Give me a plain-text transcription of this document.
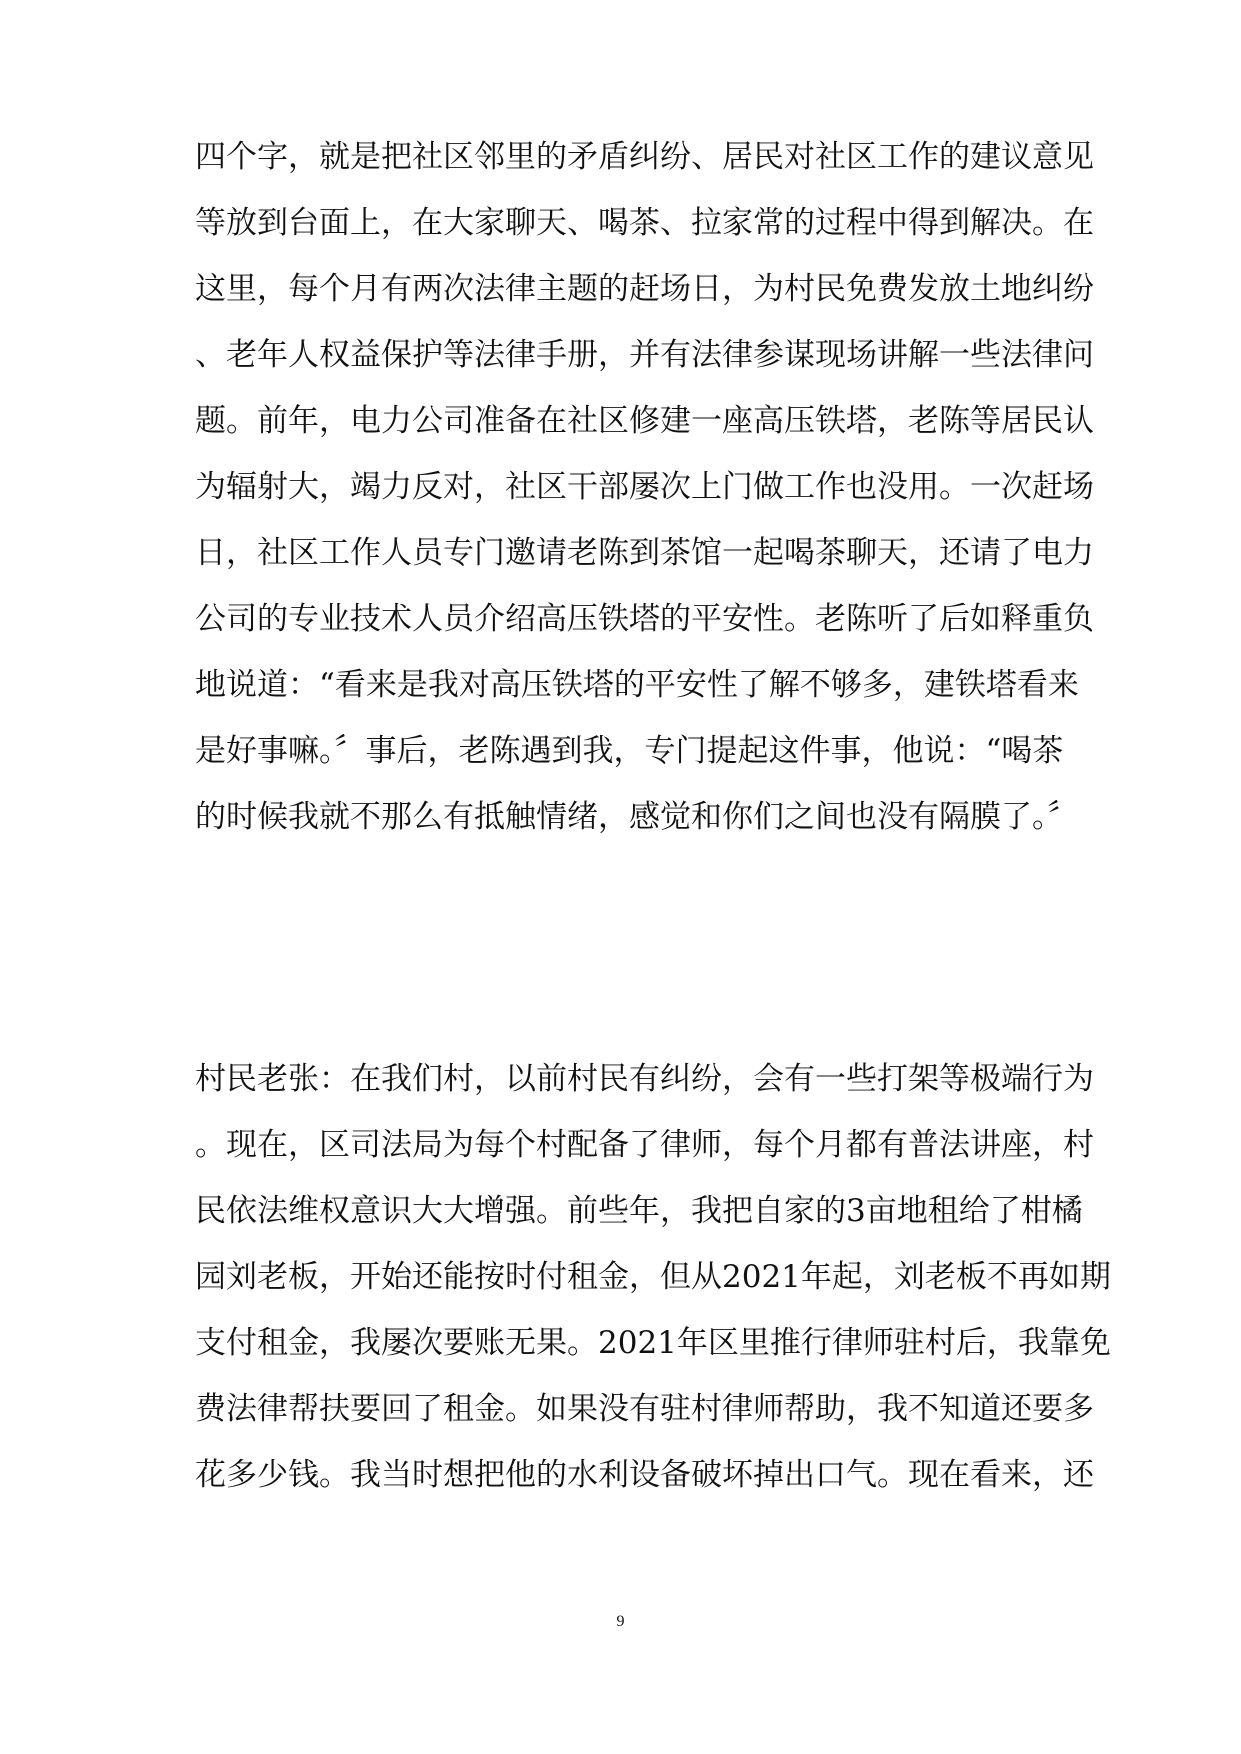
四个字，就是把社区邻里的矛盾纠纷、居民对社区工作的建议意见
等放到台面上，在大家聊天、喝茶、拉家常的过程中得到解决。在
这里，每个月有两次法律主题的赶场日，为村民免费发放土地纠纷
、老年人权益保护等法律手册，并有法律参谋现场讲解一些法律问
题。前年，电力公司准备在社区修建一座高压铁塔，老陈等居民认
为辐射大，竭力反对，社区干部屡次上门做工作也没用。一次赶场
日，社区工作人员专门邀请老陈到茶馆一起喝茶聊天，还请了电力
公司的专业技术人员介绍高压铁塔的平安性。老陈听了后如释重负
地说道：“看来是我对高压铁塔的平安性了解不够多，建铁塔看来
是好事嘛。〞事后，老陈遇到我，专门提起这件事，他说：“喝茶
的时候我就不那么有抵触情绪，感觉和你们之间也没有隔膜了。〞
村民老张：在我们村，以前村民有纠纷，会有一些打架等极端行为
。现在，区司法局为每个村配备了律师，每个月都有普法讲座，村
民依法维权意识大大增强。前些年，我把自家的3亩地租给了柑橘
园刘老板，开始还能按时付租金，但从2021年起，刘老板不再如期
支付租金，我屡次要账无果。2021年区里推行律师驻村后，我靠免
费法律帮扶要回了租金。如果没有驻村律师帮助，我不知道还要多
花多少钱。我当时想把他的水利设备破坏掉出口气。现在看来，还
9
